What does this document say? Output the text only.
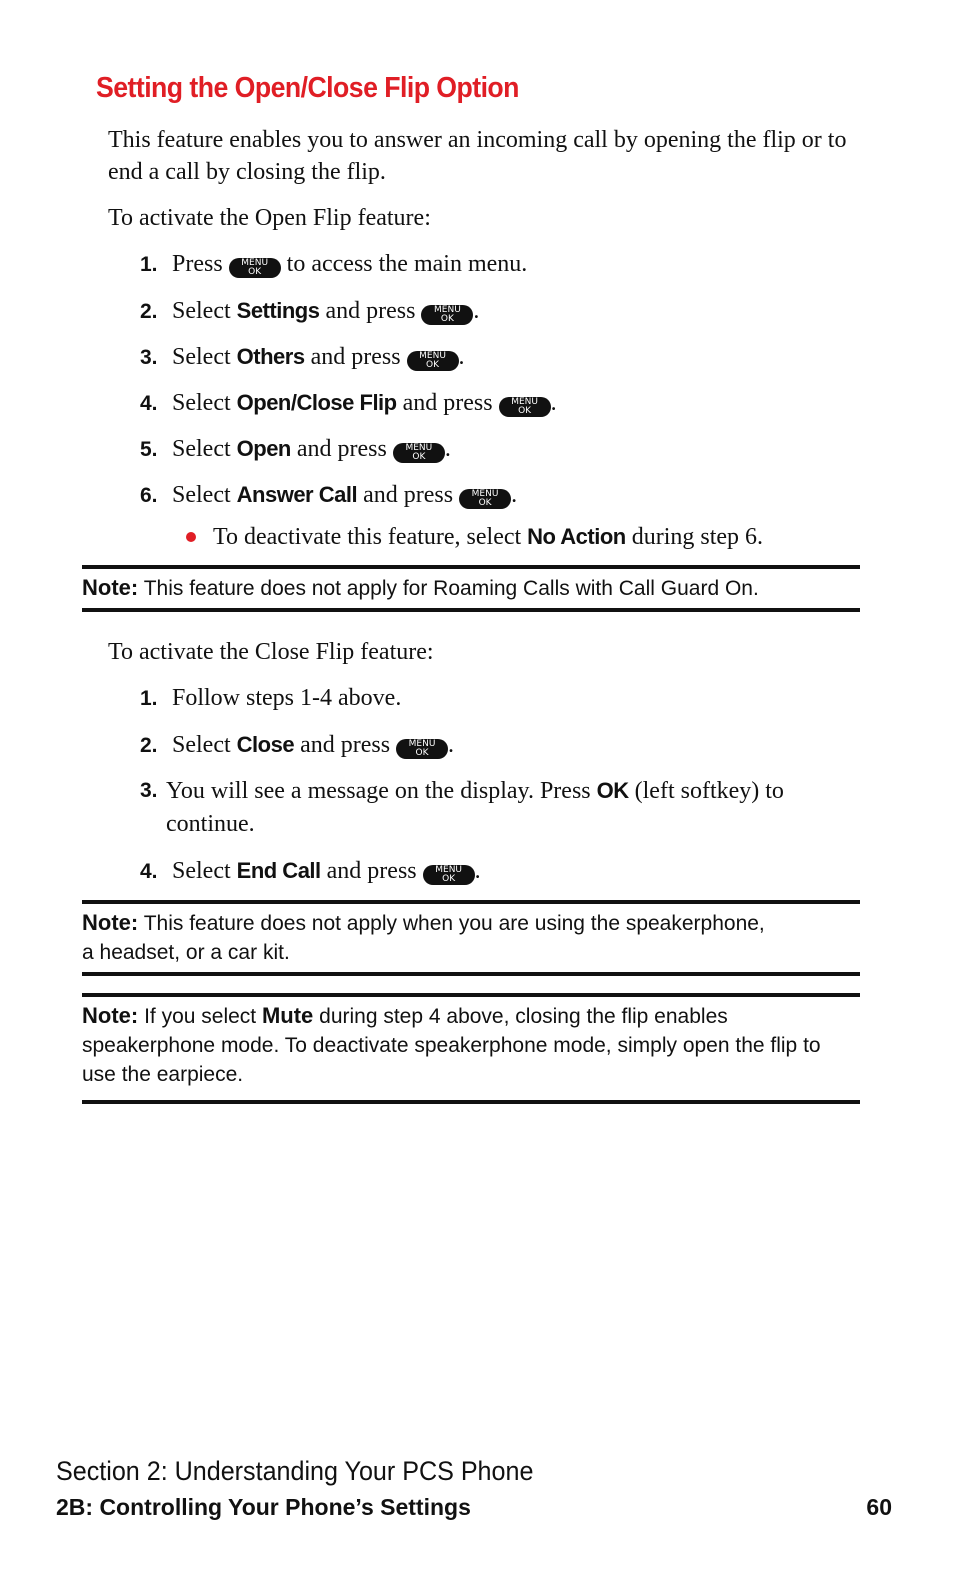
Setting the Open/Close Flip Option

This feature enables you to answer an incoming call by opening the flip or to end a call by closing the flip.

To activate the Open Flip feature:

1. Press	MENU
OK	to access the main menu.

2. Select Settings and press	MENU
OK .

3. Select Others and press	MENU
OK .

4. Select Open/Close Flip and press	MENU
OK .

5. Select Open and press	MENU
OK .

6. Select Answer Call and press	MENU
OK .

To deactivate this feature, select No Action during step 6.

Note: This feature does not apply for Roaming Calls with Call Guard On.

To activate the Close Flip feature:

1. Follow steps 1-4 above.

2. Select Close and press	MENU
OK .

3. You will see a message on the display. Press OK (left softkey) to continue.

4. Select End Call and press	MENU
OK .

Note: This feature does not apply when you are using the speakerphone,
a headset, or a car kit.
Note: If you select Mute during step 4 above, closing the flip enables speakerphone mode. To deactivate speakerphone mode, simply open the flip to use the earpiece.
Section 2: Understanding Your PCS Phone
2B: Controlling Your Phone’s Settings	60
